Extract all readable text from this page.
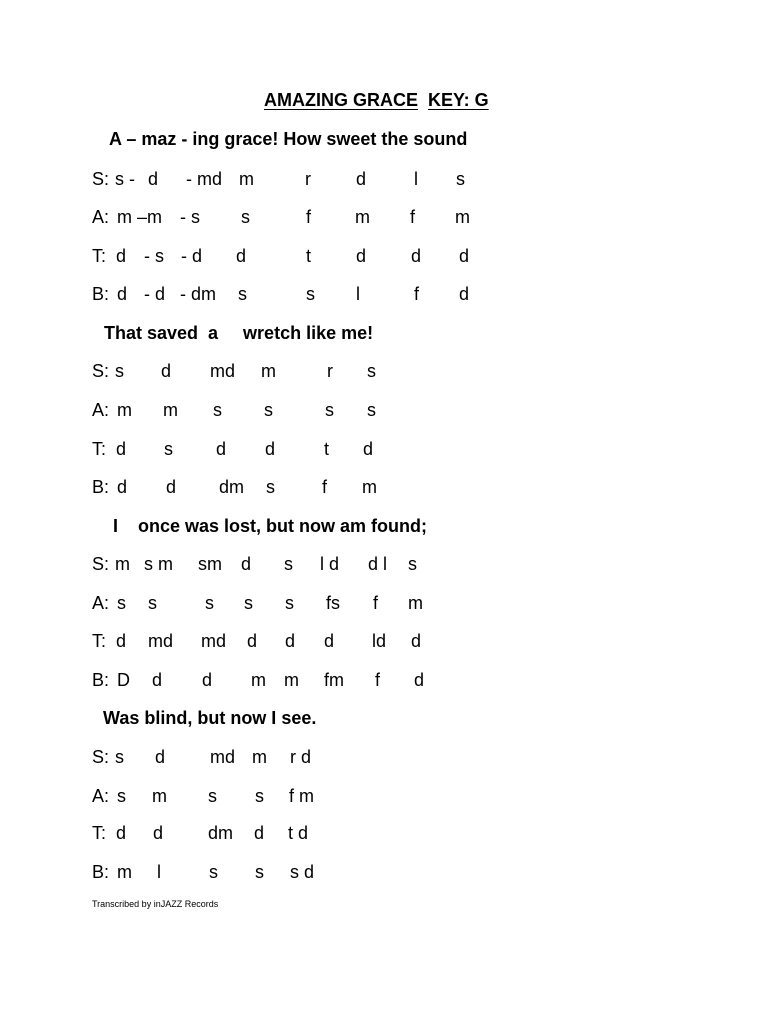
AMAZING GRACE KEY: G
A – maz - ing grace! How sweet the sound
S: s - d - md m	r	d	l s
A: m –m - s s	f m f m
T: d - s - d d	t d d d
B: d - d - dm s	s l	f d
That saved  a     wretch like me!
S: s d md m	r s
A: m m s s	s s
T: d s d d	t d
B: d d dm s	f m
I    once was lost, but now am found;
S: m s m sm d s l d d l s
A: s s	s s s fs f m
T: d md md d d d ld d
B: D d d m m fm f d
Was blind, but now I see.
S: s d md m r d
A: s m s s f m
T: d d dm d t d
B: m l	s s s d
Transcribed by inJAZZ Records
